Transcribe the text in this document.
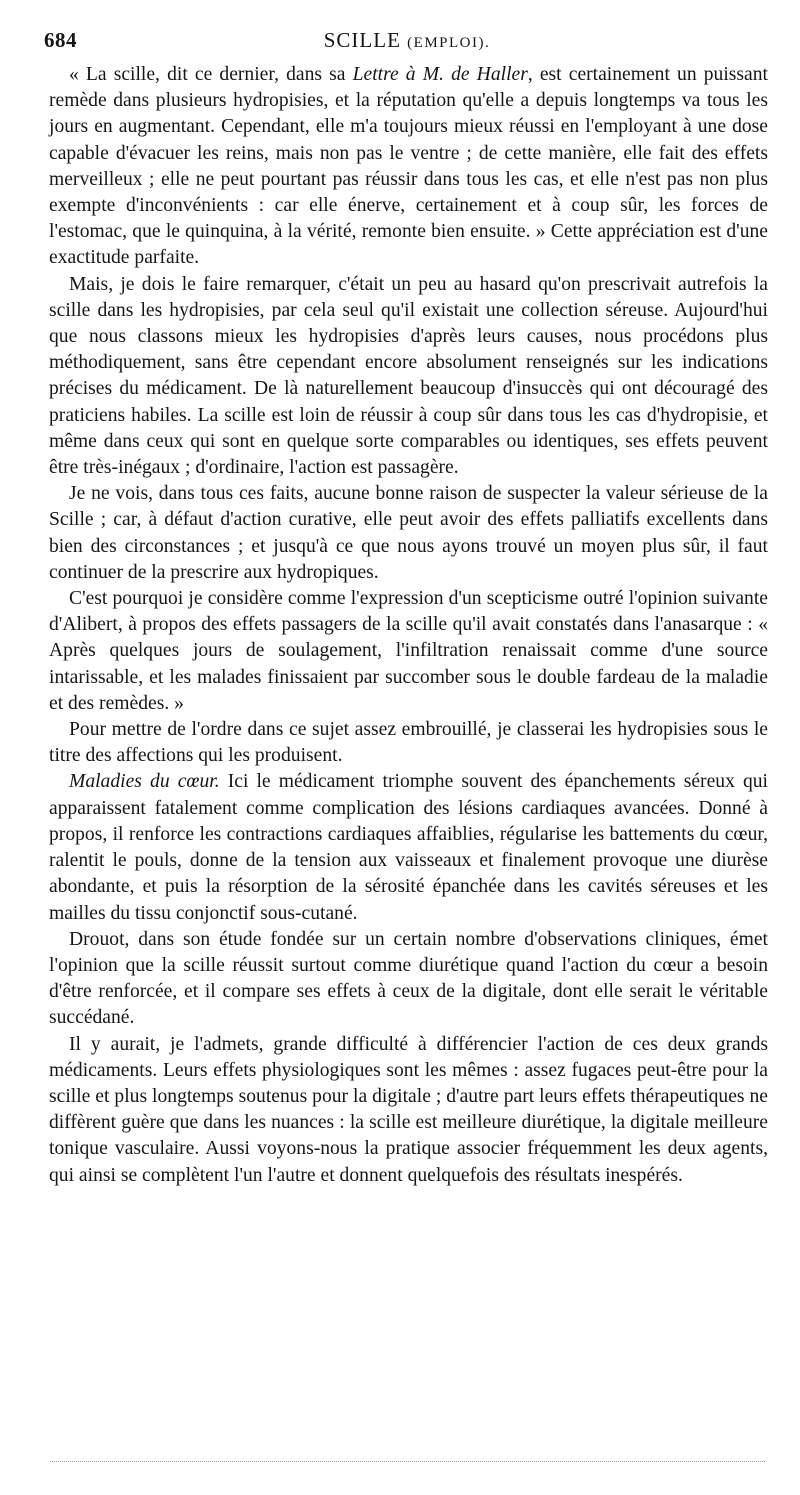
684	SCILLE (EMPLOI).

« La scille, dit ce dernier, dans sa Lettre à M. de Haller, est certainement un puissant remède dans plusieurs hydropisies, et la réputation qu'elle a depuis longtemps va tous les jours en augmentant. Cependant, elle m'a toujours mieux réussi en l'employant à une dose capable d'évacuer les reins, mais non pas le ventre ; de cette manière, elle fait des effets merveilleux ; elle ne peut pourtant pas réussir dans tous les cas, et elle n'est pas non plus exempte d'inconvénients : car elle énerve, certainement et à coup sûr, les forces de l'estomac, que le quinquina, à la vérité, remonte bien ensuite. » Cette appréciation est d'une exactitude parfaite.

Mais, je dois le faire remarquer, c'était un peu au hasard qu'on prescrivait autrefois la scille dans les hydropisies, par cela seul qu'il existait une collection séreuse. Aujourd'hui que nous classons mieux les hydropisies d'après leurs causes, nous procédons plus méthodiquement, sans être cependant encore absolument renseignés sur les indications précises du médicament. De là naturellement beaucoup d'insuccès qui ont découragé des praticiens habiles. La scille est loin de réussir à coup sûr dans tous les cas d'hydropisie, et même dans ceux qui sont en quelque sorte comparables ou identiques, ses effets peuvent être très-inégaux ; d'ordinaire, l'action est passagère.

Je ne vois, dans tous ces faits, aucune bonne raison de suspecter la valeur sérieuse de la Scille ; car, à défaut d'action curative, elle peut avoir des effets palliatifs excellents dans bien des circonstances ; et jusqu'à ce que nous ayons trouvé un moyen plus sûr, il faut continuer de la prescrire aux hydropiques.

C'est pourquoi je considère comme l'expression d'un scepticisme outré l'opinion suivante d'Alibert, à propos des effets passagers de la scille qu'il avait constatés dans l'anasarque : « Après quelques jours de soulagement, l'infiltration renaissait comme d'une source intarissable, et les malades finissaient par succomber sous le double fardeau de la maladie et des remèdes. »

Pour mettre de l'ordre dans ce sujet assez embrouillé, je classerai les hydropisies sous le titre des affections qui les produisent.

Maladies du cœur. Ici le médicament triomphe souvent des épanchements séreux qui apparaissent fatalement comme complication des lésions cardiaques avancées. Donné à propos, il renforce les contractions cardiaques affaiblies, régularise les battements du cœur, ralentit le pouls, donne de la tension aux vaisseaux et finalement provoque une diurèse abondante, et puis la résorption de la sérosité épanchée dans les cavités séreuses et les mailles du tissu conjonctif sous-cutané.

Drouot, dans son étude fondée sur un certain nombre d'observations cliniques, émet l'opinion que la scille réussit surtout comme diurétique quand l'action du cœur a besoin d'être renforcée, et il compare ses effets à ceux de la digitale, dont elle serait le véritable succédané.

Il y aurait, je l'admets, grande difficulté à différencier l'action de ces deux grands médicaments. Leurs effets physiologiques sont les mêmes : assez fugaces peut-être pour la scille et plus longtemps soutenus pour la digitale ; d'autre part leurs effets thérapeutiques ne diffèrent guère que dans les nuances : la scille est meilleure diurétique, la digitale meilleure tonique vasculaire. Aussi voyons-nous la pratique associer fréquemment les deux agents, qui ainsi se complètent l'un l'autre et donnent quelquefois des résultats inespérés.
